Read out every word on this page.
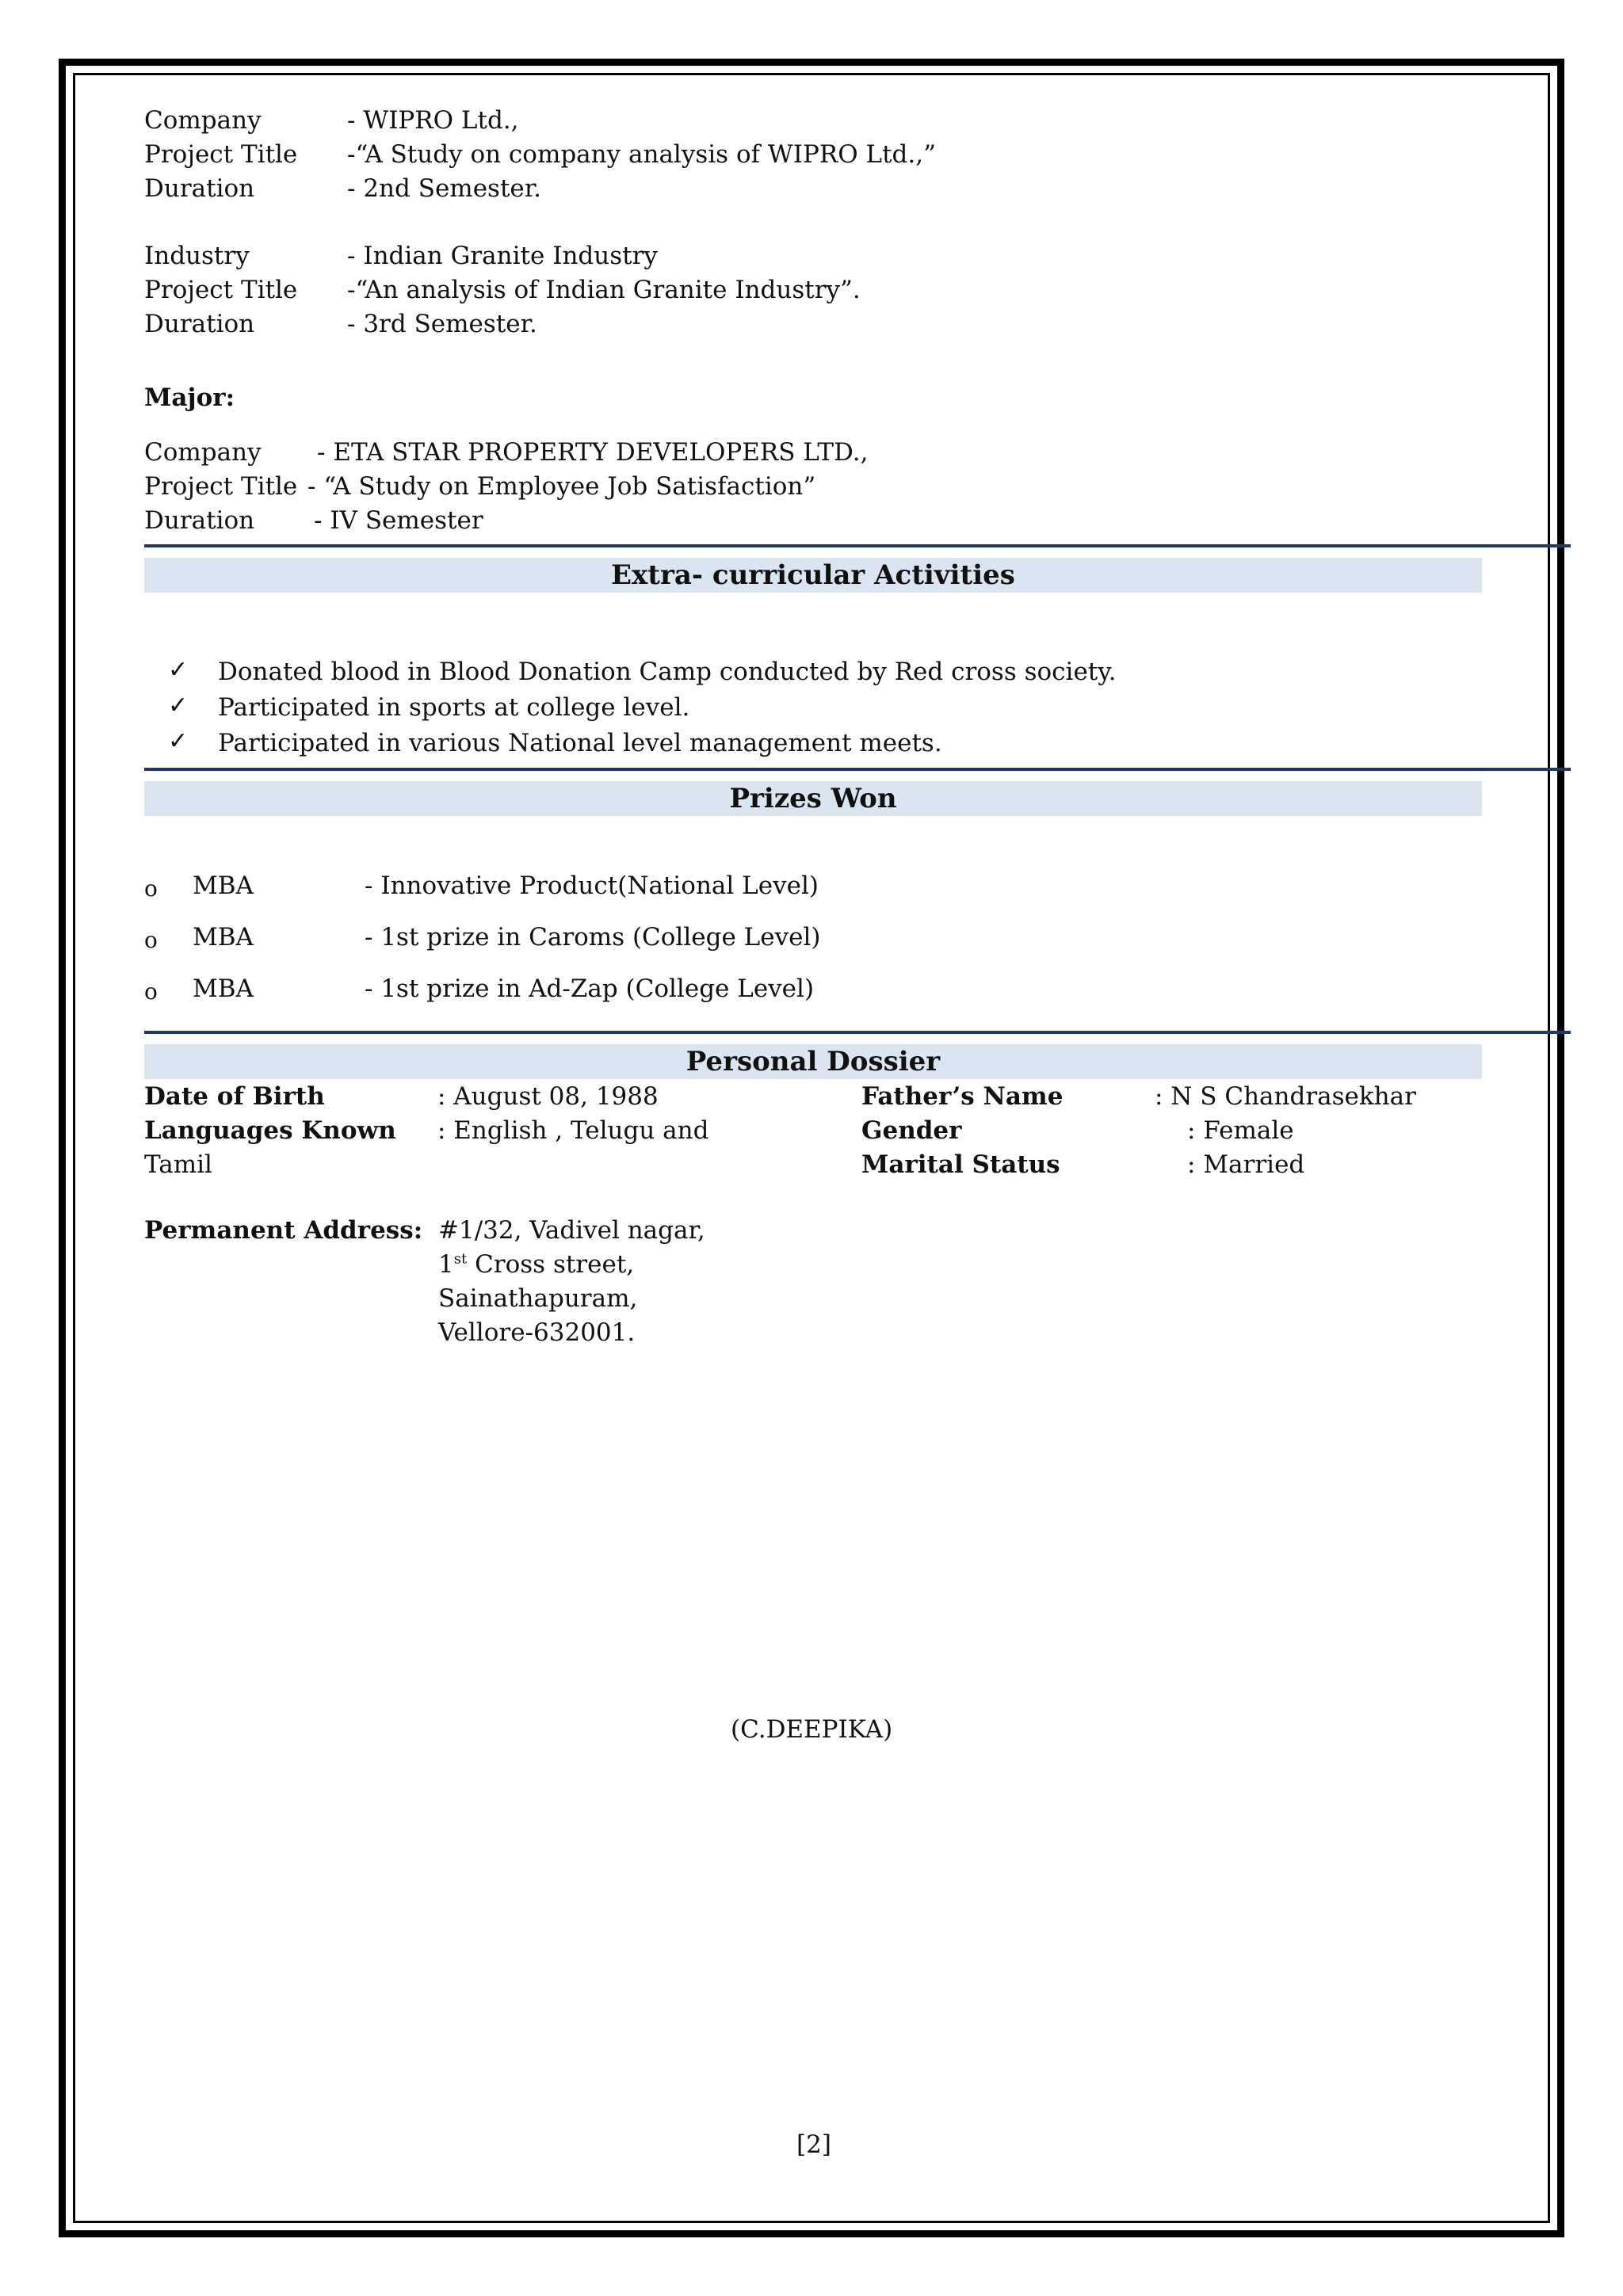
Company	- WIPRO Ltd.,
Project Title -“A Study on company analysis of WIPRO Ltd.,”
Duration	- 2nd Semester.
Industry	- Indian Granite Industry
Project Title -“An analysis of Indian Granite Industry”.
Duration	- 3rd Semester.
Major:
Company - ETA STAR PROPERTY DEVELOPERS LTD.,
Project Title - “A Study on Employee Job Satisfaction”
Duration - IV Semester
Extra- curricular Activities
✓ Donated blood in Blood Donation Camp conducted by Red cross society.
✓ Participated in sports at college level.
✓ Participated in various National level management meets.
Prizes Won
o MBA	- Innovative Product(National Level)
o MBA	- 1st prize in Caroms (College Level)
o MBA	- 1st prize in Ad-Zap (College Level)
Personal Dossier
Date of Birth	: August 08, 1988
Languages Known : English , Telugu and
Tamil
Father’s Name	: N S Chandrasekhar
Gender	: Female
Marital Status	: Married
Permanent Address: #1/32, Vadivel nagar,
1st Cross street,
Sainathapuram,
Vellore-632001.
(C.DEEPIKA)
[2]
